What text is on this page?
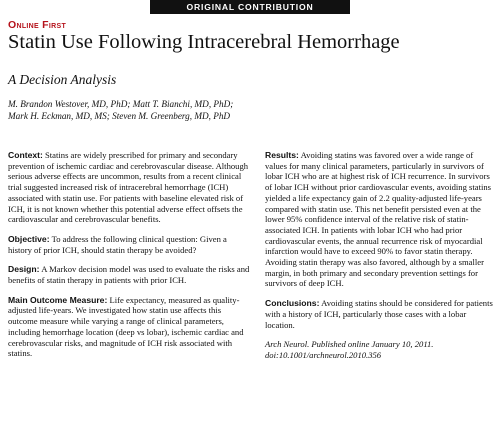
ORIGINAL CONTRIBUTION
Online First
Statin Use Following Intracerebral Hemorrhage
A Decision Analysis
M. Brandon Westover, MD, PhD; Matt T. Bianchi, MD, PhD;
Mark H. Eckman, MD, MS; Steven M. Greenberg, MD, PhD

Context: Statins are widely prescribed for primary and secondary prevention of ischemic cardiac and cerebrovascular disease. Although serious adverse effects are uncommon, results from a recent clinical trial suggested increased risk of intracerebral hemorrhage (ICH) associated with statin use. For patients with baseline elevated risk of ICH, it is not known whether this potential adverse effect offsets the cardiovascular and cerebrovascular benefits.

Objective: To address the following clinical question: Given a history of prior ICH, should statin therapy be avoided?

Design: A Markov decision model was used to evaluate the risks and benefits of statin therapy in patients with prior ICH.

Main Outcome Measure: Life expectancy, measured as quality-adjusted life-years. We investigated how statin use affects this outcome measure while varying a range of clinical parameters, including hemorrhage location (deep vs lobar), ischemic cardiac and cerebrovascular risks, and magnitude of ICH risk associated with statins.

Results: Avoiding statins was favored over a wide range of values for many clinical parameters, particularly in survivors of lobar ICH who are at highest risk of ICH recurrence. In survivors of lobar ICH without prior cardiovascular events, avoiding statins yielded a life expectancy gain of 2.2 quality-adjusted life-years compared with statin use. This net benefit persisted even at the lower 95% confidence interval of the relative risk of statin-associated ICH. In patients with lobar ICH who had prior cardiovascular events, the annual recurrence risk of myocardial infarction would have to exceed 90% to favor statin therapy. Avoiding statin therapy was also favored, although by a smaller margin, in both primary and secondary prevention settings for survivors of deep ICH.

Conclusions: Avoiding statins should be considered for patients with a history of ICH, particularly those cases with a lobar location.

Arch Neurol. Published online January 10, 2011.
doi:10.1001/archneurol.2010.356
